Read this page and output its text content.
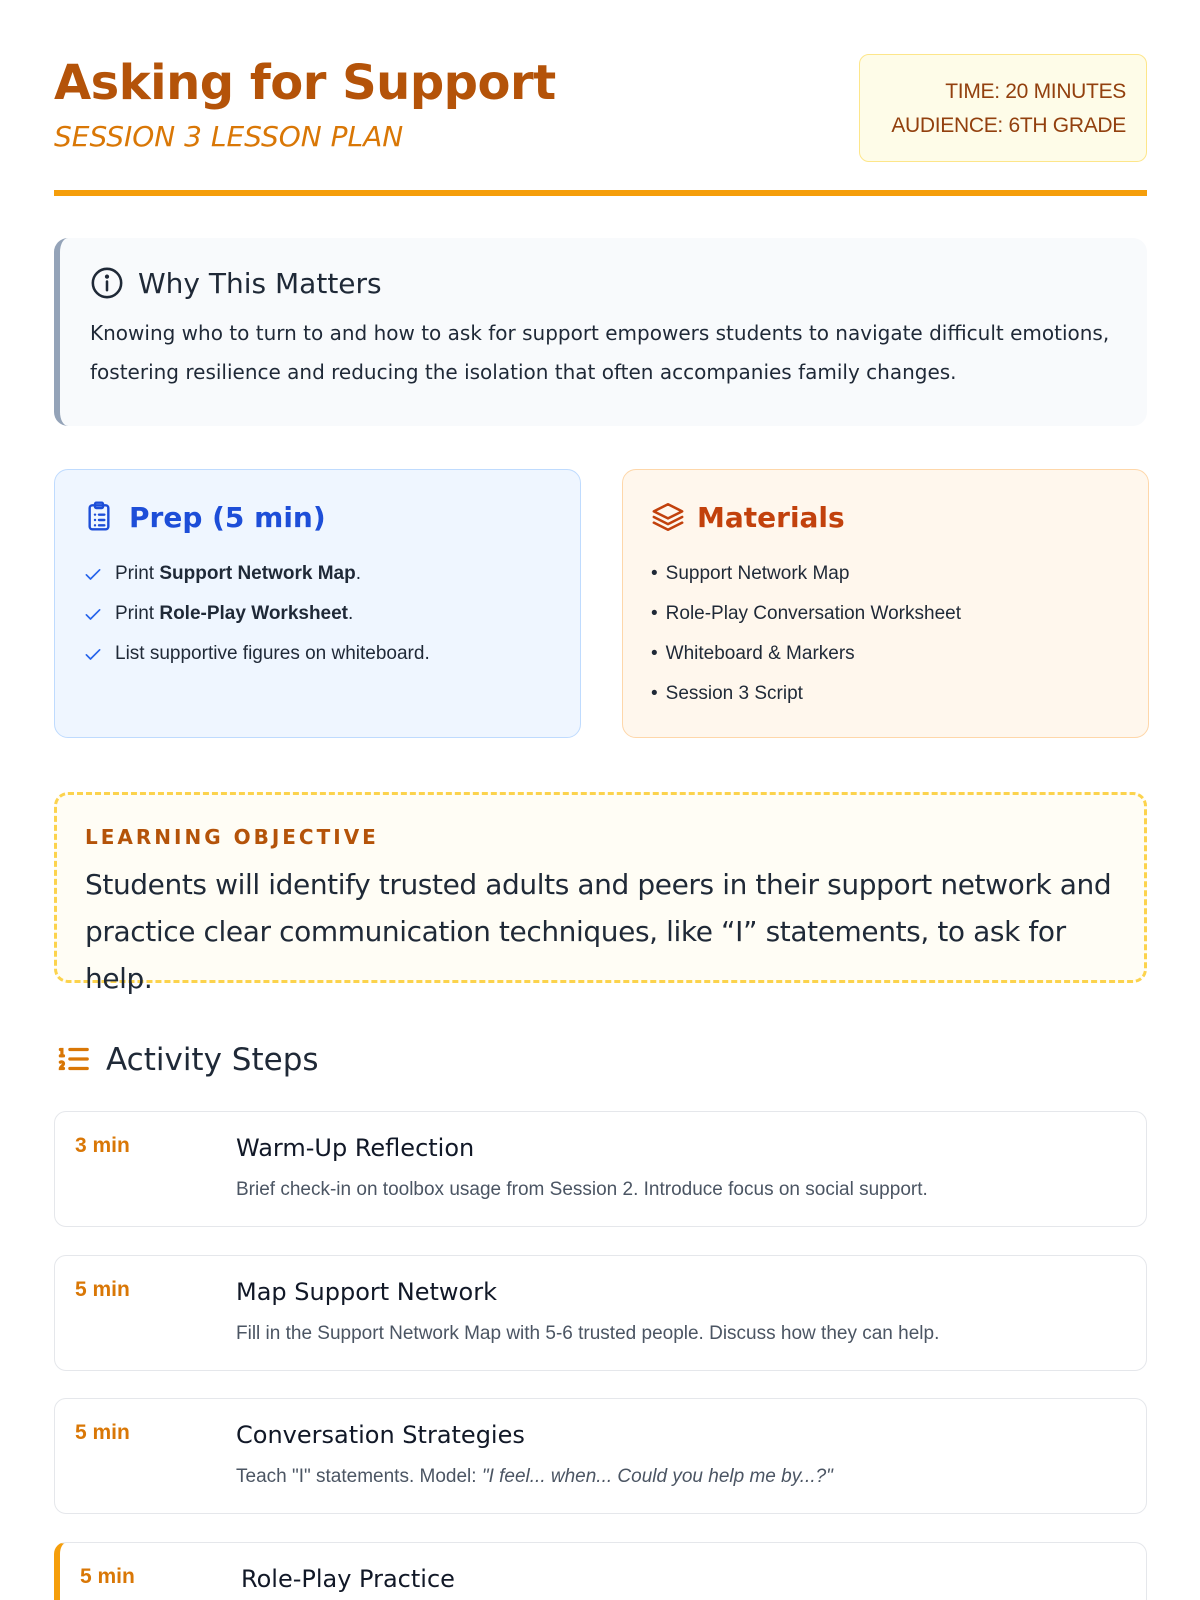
Asking for Support
SESSION 3 LESSON PLAN
TIME: 20 MINUTES
AUDIENCE: 6TH GRADE
Why This Matters

Knowing who to turn to and how to ask for support empowers students to navigate difficult emotions, fostering resilience and reducing the isolation that often accompanies family changes.

Prep (5 min)
Print Support Network Map.
Print Role-Play Worksheet.
List supportive figures on whiteboard.
Materials
• Support Network Map
• Role-Play Conversation Worksheet
• Whiteboard & Markers
• Session 3 Script
LEARNING OBJECTIVE

Students will identify trusted adults and peers in their support network and practice clear communication techniques, like “I” statements, to ask for help.

Activity Steps
3 min	Warm-Up Reflection
Brief check-in on toolbox usage from Session 2. Introduce focus on social support.
5 min	Map Support Network
Fill in the Support Network Map with 5-6 trusted people. Discuss how they can help.
5 min	Conversation Strategies
Teach "I" statements. Model: "I feel... when... Could you help me by...?"
5 min	Role-Play Practice
